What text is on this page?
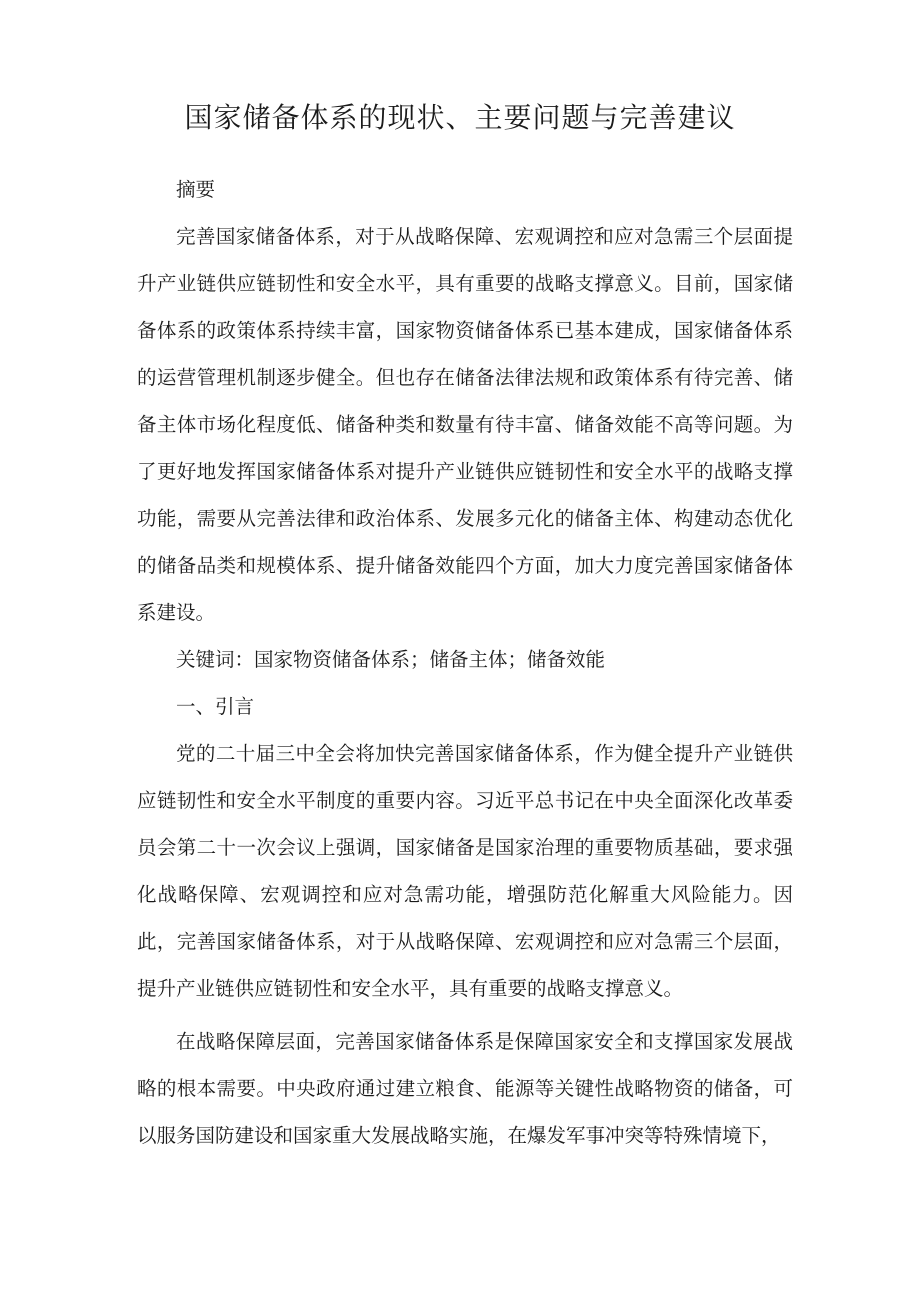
国家储备体系的现状、主要问题与完善建议

摘要

完善国家储备体系，对于从战略保障、宏观调控和应对急需三个层面提升产业链供应链韧性和安全水平，具有重要的战略支撑意义。目前，国家储备体系的政策体系持续丰富，国家物资储备体系已基本建成，国家储备体系的运营管理机制逐步健全。但也存在储备法律法规和政策体系有待完善、储备主体市场化程度低、储备种类和数量有待丰富、储备效能不高等问题。为了更好地发挥国家储备体系对提升产业链供应链韧性和安全水平的战略支撑功能，需要从完善法律和政治体系、发展多元化的储备主体、构建动态优化的储备品类和规模体系、提升储备效能四个方面，加大力度完善国家储备体系建设。

关键词：国家物资储备体系；储备主体；储备效能

一、引言

党的二十届三中全会将加快完善国家储备体系，作为健全提升产业链供应链韧性和安全水平制度的重要内容。习近平总书记在中央全面深化改革委员会第二十一次会议上强调，国家储备是国家治理的重要物质基础，要求强化战略保障、宏观调控和应对急需功能，增强防范化解重大风险能力。因此，完善国家储备体系，对于从战略保障、宏观调控和应对急需三个层面，提升产业链供应链韧性和安全水平，具有重要的战略支撑意义。

在战略保障层面，完善国家储备体系是保障国家安全和支撑国家发展战略的根本需要。中央政府通过建立粮食、能源等关键性战略物资的储备，可以服务国防建设和国家重大发展战略实施，在爆发军事冲突等特殊情境下，
